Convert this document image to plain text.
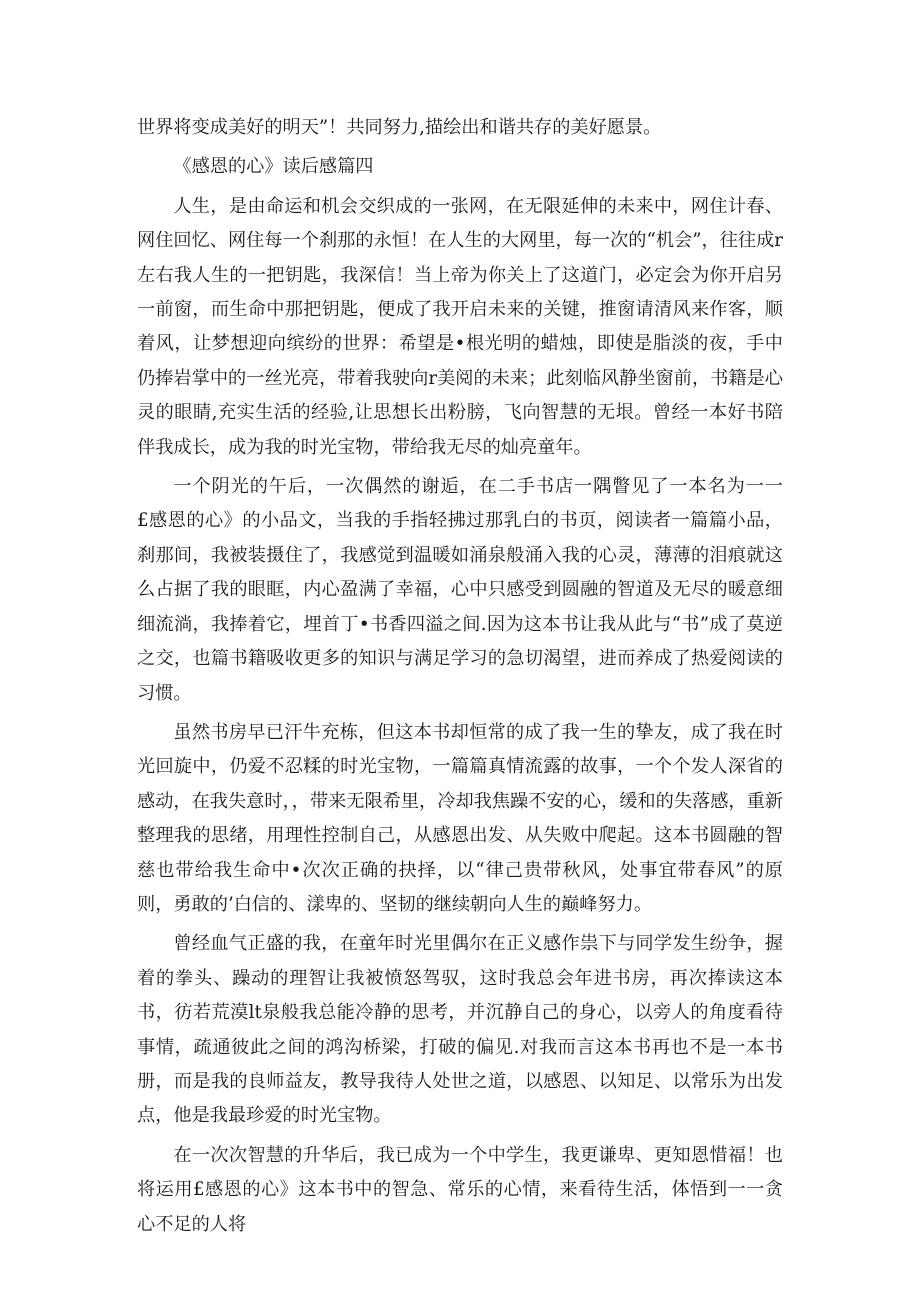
世界将变成美好的明天”！共同努力,描绘出和谐共存的美好愿景。

《感恩的心》读后感篇四

人生，是由命运和机会交织成的一张网，在无限延伸的未来中，网住计春、网住回忆、网住每一个刹那的永恒！在人生的大网里，每一次的“机会”，往往成r左右我人生的一把钥匙，我深信！当上帝为你关上了这道门，必定会为你开启另一前窗，而生命中那把钥匙，便成了我开启未来的关键，推窗请清风来作客，顺着风，让梦想迎向缤纷的世界：希望是•根光明的蜡烛，即使是脂淡的夜，手中仍捧岩掌中的一丝光亮，带着我驶向r美阅的未来；此刻临风静坐窗前，书籍是心灵的眼睛,充实生活的经验,让思想长出粉膀，飞向智慧的无垠。曾经一本好书陪伴我成长，成为我的时光宝物，带给我无尽的灿亮童年。

一个阴光的午后，一次偶然的谢逅，在二手书店一隅瞥见了一本名为一一£感恩的心》的小品文，当我的手指轻拂过那乳白的书页，阅读者一篇篇小品，刹那间，我被装摄住了，我感觉到温暖如涌泉般涌入我的心灵，薄薄的泪痕就这么占据了我的眼眶，内心盈满了幸福，心中只感受到圆融的智道及无尽的暖意细细流淌，我捧着它，埋首丁•书香四溢之间.因为这本书让我从此与“书”成了莫逆之交，也篇书籍吸收更多的知识与满足学习的急切渴望，进而养成了热爱阅读的习惯。

虽然书房早已汗牛充栋，但这本书却恒常的成了我一生的挚友，成了我在时光回旋中，仍爱不忍糅的时光宝物，一篇篇真情流露的故事，一个个发人深省的感动，在我失意时，，带来无限希里，冷却我焦躁不安的心，缓和的失落感，重新整理我的思绪，用理性控制自己，从感恩出发、从失败中爬起。这本书圆融的智慈也带给我生命中•次次正确的抉择，以“律己贵带秋风，处事宜带春风”的原则，勇敢的’白信的、漾卑的、坚韧的继续朝向人生的巅峰努力。

曾经血气正盛的我，在童年时光里偶尔在正义感作祟下与同学发生纷争，握着的拳头、躁动的理智让我被愤怒驾驭，这时我总会年进书房，再次捧读这本书，彷若荒漠lt泉般我总能冷静的思考，并沉静自己的身心，以旁人的角度看待事情，疏通彼此之间的鸿沟桥梁，打破的偏见.对我而言这本书再也不是一本书册，而是我的良师益友，教导我待人处世之道，以感恩、以知足、以常乐为出发点，他是我最珍爱的时光宝物。

在一次次智慧的升华后，我已成为一个中学生，我更谦卑、更知恩惜福！也将运用£感恩的心》这本书中的智急、常乐的心情，来看待生活，体悟到一一贪心不足的人将
